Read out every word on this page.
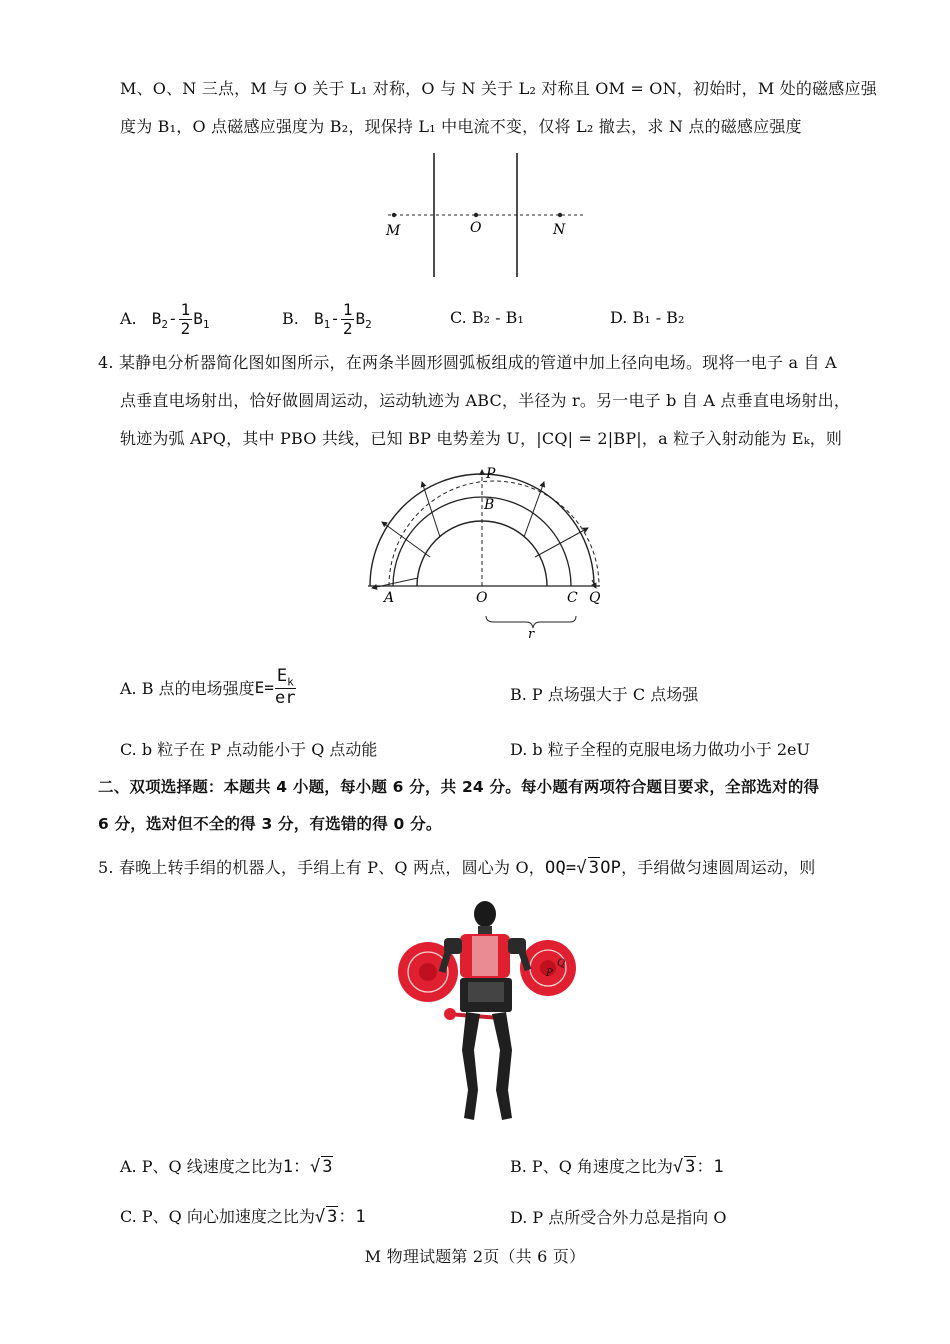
M、O、N 三点，M 与 O 关于 L₁ 对称，O 与 N 关于 L₂ 对称且 OM = ON，初始时，M 处的磁感应强
度为 B₁，O 点磁感应强度为 B₂，现保持 L₁ 中电流不变，仅将 L₂ 撤去，求 N 点的磁感应强度
M	O	N
A. $B_2- \frac{1}{2} B_1$	B. $B_1- \frac{1}{2} B_2$	C. B₂ - B₁	D. B₁ - B₂
4. 某静电分析器简化图如图所示，在两条半圆形圆弧板组成的管道中加上径向电场。现将一电子 a 自 A
点垂直电场射出，恰好做圆周运动，运动轨迹为 ABC，半径为 r。另一电子 b 自 A 点垂直电场射出，
轨迹为弧 APQ，其中 PBO 共线，已知 BP 电势差为 U，|CQ| = 2|BP|，a 粒子入射动能为 Eₖ，则
P
B
A	O	C Q
r
A. B 点的电场强度$E= \frac{E_k}{er}$	B. P 点场强大于 C 点场强
C. b 粒子在 P 点动能小于 Q 点动能	D. b 粒子全程的克服电场力做功小于 2eU
二、双项选择题：本题共 4 小题，每小题 6 分，共 24 分。每小题有两项符合题目要求，全部选对的得
6 分，选对但不全的得 3 分，有选错的得 0 分。
5. 春晚上转手绢的机器人，手绢上有 P、Q 两点，圆心为 O，OQ=√ 3OP，手绢做匀速圆周运动，则
Q
P
A. P、Q 线速度之比为1：√ 3	B. P、Q 角速度之比为√ 3：1
C. P、Q 向心加速度之比为√ 3：1	D. P 点所受合外力总是指向 O
M 物理试题第 2页（共 6 页）
